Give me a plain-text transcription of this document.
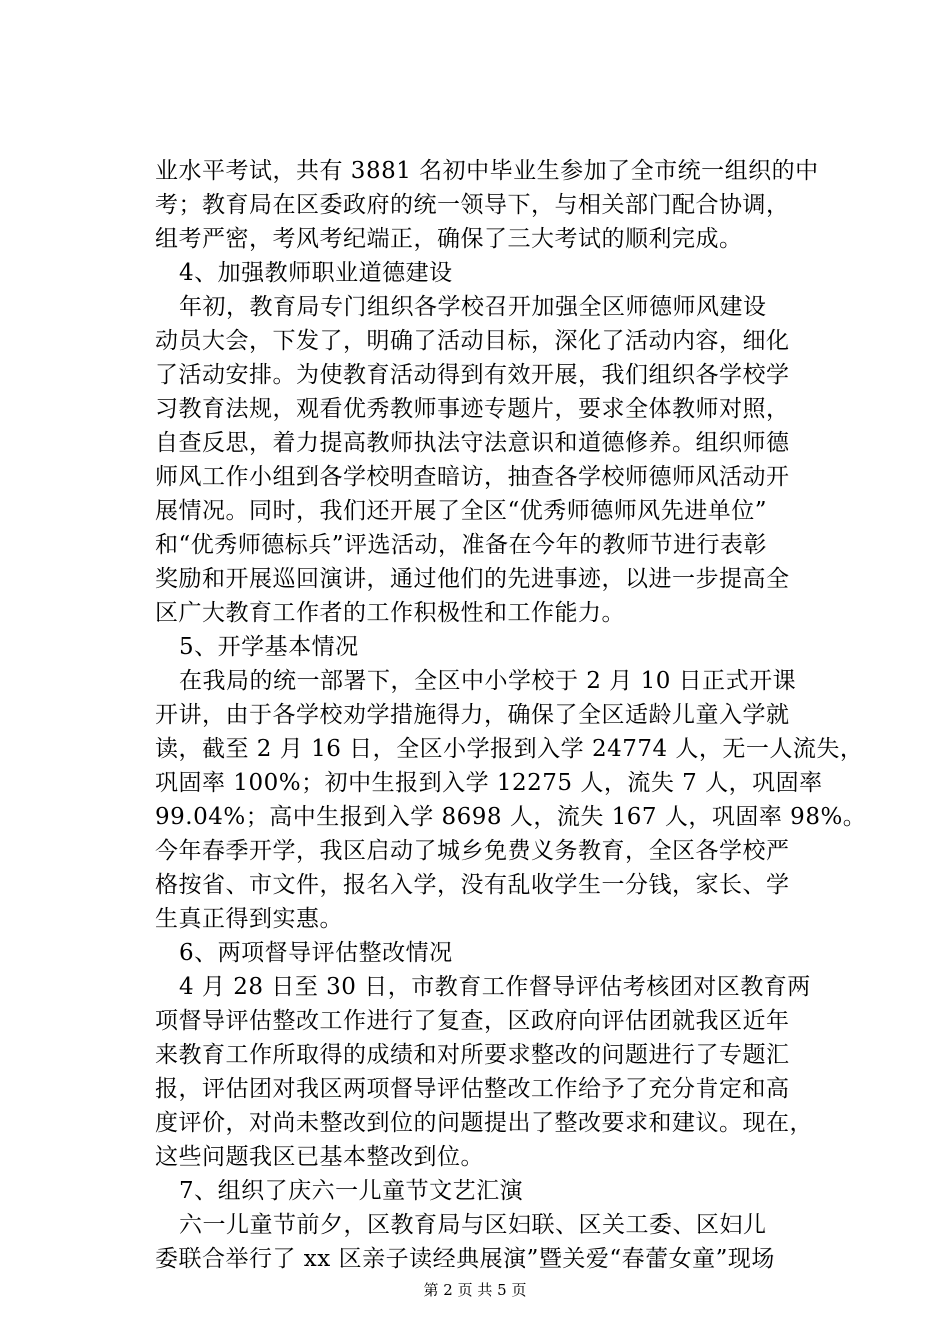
业水平考试，共有 3881 名初中毕业生参加了全市统一组织的中
考；教育局在区委政府的统一领导下，与相关部门配合协调，
组考严密，考风考纪端正，确保了三大考试的顺利完成。
4、加强教师职业道德建设
年初，教育局专门组织各学校召开加强全区师德师风建设
动员大会，下发了，明确了活动目标，深化了活动内容，细化
了活动安排。为使教育活动得到有效开展，我们组织各学校学
习教育法规，观看优秀教师事迹专题片，要求全体教师对照，
自查反思，着力提高教师执法守法意识和道德修养。组织师德
师风工作小组到各学校明查暗访，抽查各学校师德师风活动开
展情况。同时，我们还开展了全区“优秀师德师风先进单位”
和“优秀师德标兵”评选活动，准备在今年的教师节进行表彰
奖励和开展巡回演讲，通过他们的先进事迹，以进一步提高全
区广大教育工作者的工作积极性和工作能力。
5、开学基本情况
在我局的统一部署下，全区中小学校于 2 月 10 日正式开课
开讲，由于各学校劝学措施得力，确保了全区适龄儿童入学就
读，截至 2 月 16 日，全区小学报到入学 24774 人，无一人流失，
巩固率 100%；初中生报到入学 12275 人，流失 7 人，巩固率
99.04%；高中生报到入学 8698 人，流失 167 人，巩固率 98%。
今年春季开学，我区启动了城乡免费义务教育，全区各学校严
格按省、市文件，报名入学，没有乱收学生一分钱，家长、学
生真正得到实惠。
6、两项督导评估整改情况
4 月 28 日至 30 日，市教育工作督导评估考核团对区教育两
项督导评估整改工作进行了复查，区政府向评估团就我区近年
来教育工作所取得的成绩和对所要求整改的问题进行了专题汇
报，评估团对我区两项督导评估整改工作给予了充分肯定和高
度评价，对尚未整改到位的问题提出了整改要求和建议。现在，
这些问题我区已基本整改到位。
7、组织了庆六一儿童节文艺汇演
六一儿童节前夕，区教育局与区妇联、区关工委、区妇儿
委联合举行了 xx 区亲子读经典展演”暨关爱“春蕾女童”现场
第 2 页 共 5 页
